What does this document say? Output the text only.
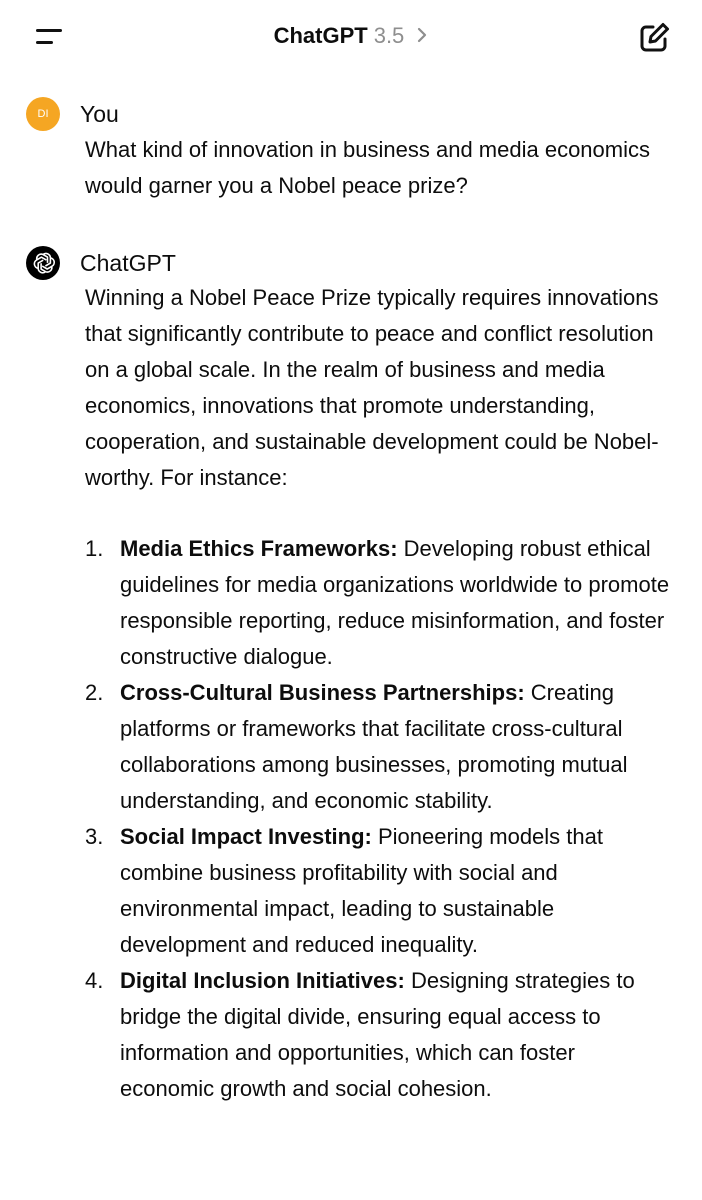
ChatGPT 3.5
DI	You
What kind of innovation in business and media economics would garner you a Nobel peace prize?
ChatGPT
Winning a Nobel Peace Prize typically requires innovations that significantly contribute to peace and conflict resolution on a global scale. In the realm of business and media economics, innovations that promote understanding, cooperation, and sustainable development could be Nobel-worthy. For instance:
1. Media Ethics Frameworks: Developing robust ethical guidelines for media organizations worldwide to promote responsible reporting, reduce misinformation, and foster constructive dialogue.
2. Cross-Cultural Business Partnerships: Creating platforms or frameworks that facilitate cross-cultural collaborations among businesses, promoting mutual understanding, and economic stability.
3. Social Impact Investing: Pioneering models that combine business profitability with social and environmental impact, leading to sustainable development and reduced inequality.
4. Digital Inclusion Initiatives: Designing strategies to bridge the digital divide, ensuring equal access to information and opportunities, which can foster economic growth and social cohesion.
